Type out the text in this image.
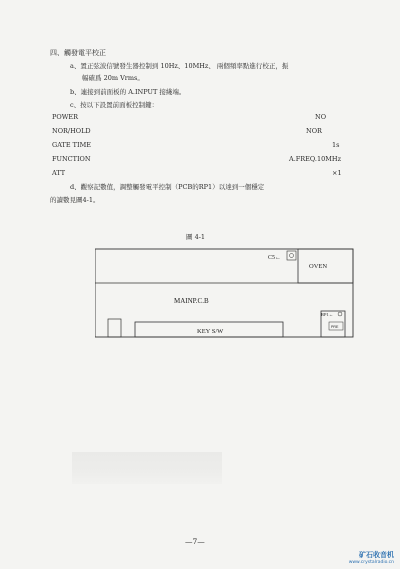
四、觸發電平校正
a、置正弦波信號發生器控制到 10Hz、10MHz、 兩個頻率點進行校正，振
幅確爲 20m Vrms。
b、連接到前面板的 A.INPUT 接綫端。
c、按以下設置前面板控制鍵：
POWER	NO
NOR/HOLD	NOR
GATE TIME	1s
FUNCTION	A.FREQ.10MHz
ATT	×1
d、觀察記數值，調整觸發電平控制（PCB的RP1）以達到一個穩定
的讀數見圖4-1。
圖 4-1
C5←
OVEN
MAINP.C.B
KEY S/W
RP1←
PRE
—7—
矿石收音机
www.crystalradio.cn
